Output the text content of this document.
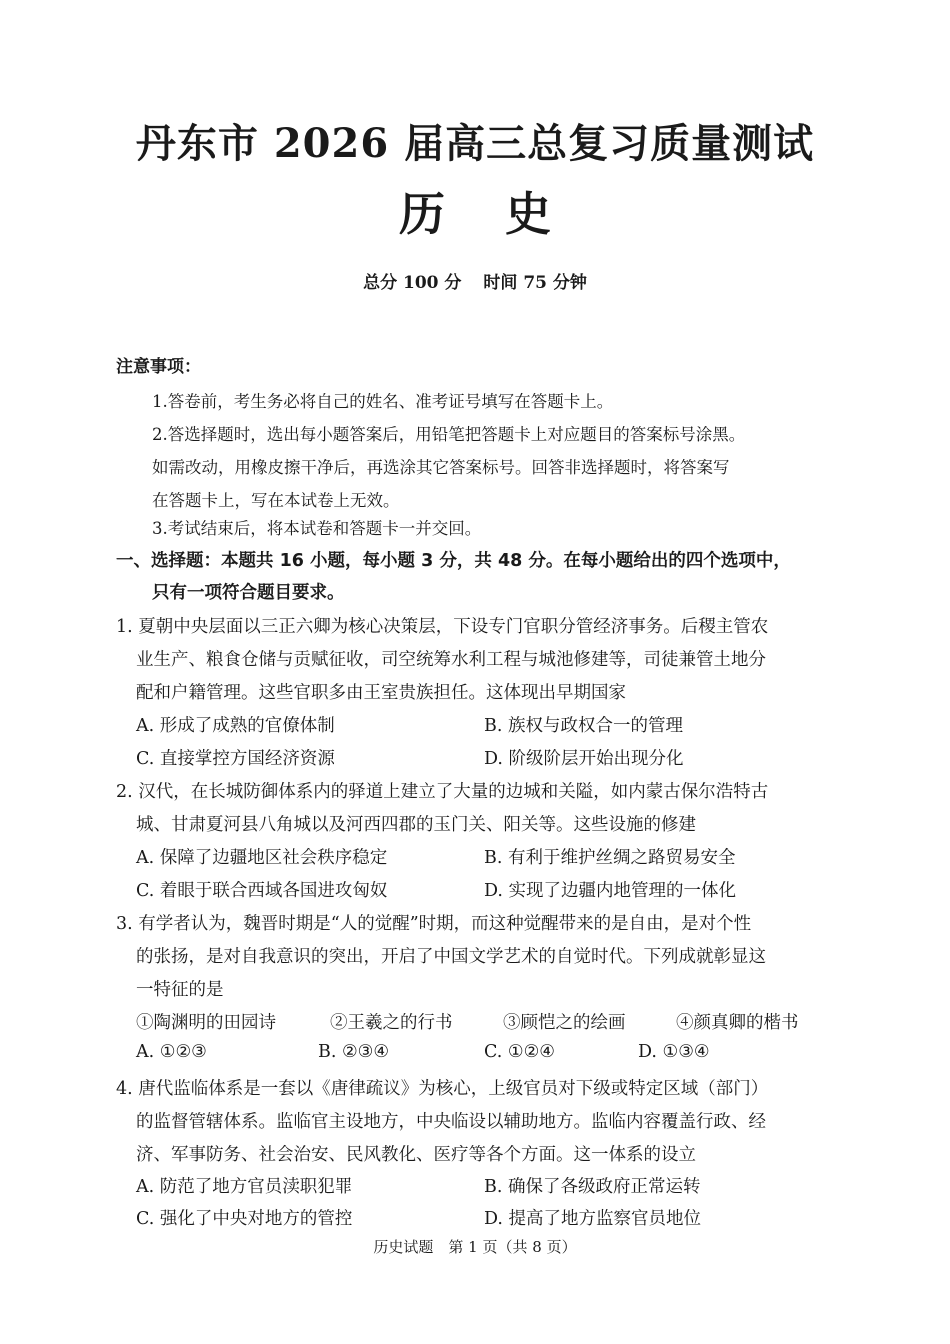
丹东市 2026 届高三总复习质量测试
历史
总分 100 分 时间 75 分钟
注意事项：
1.答卷前，考生务必将自己的姓名、准考证号填写在答题卡上。
2.答选择题时，选出每小题答案后，用铅笔把答题卡上对应题目的答案标号涂黑。
如需改动，用橡皮擦干净后，再选涂其它答案标号。回答非选择题时，将答案写
在答题卡上，写在本试卷上无效。
3.考试结束后，将本试卷和答题卡一并交回。
一、选择题：本题共 16 小题，每小题 3 分，共 48 分。在每小题给出的四个选项中，
只有一项符合题目要求。
1. 夏朝中央层面以三正六卿为核心决策层，下设专门官职分管经济事务。后稷主管农
业生产、粮食仓储与贡赋征收，司空统筹水利工程与城池修建等，司徒兼管土地分
配和户籍管理。这些官职多由王室贵族担任。这体现出早期国家
A. 形成了成熟的官僚体制	B. 族权与政权合一的管理
C. 直接掌控方国经济资源	D. 阶级阶层开始出现分化
2. 汉代，在长城防御体系内的驿道上建立了大量的边城和关隘，如内蒙古保尔浩特古
城、甘肃夏河县八角城以及河西四郡的玉门关、阳关等。这些设施的修建
A. 保障了边疆地区社会秩序稳定	B. 有利于维护丝绸之路贸易安全
C. 着眼于联合西域各国进攻匈奴	D. 实现了边疆内地管理的一体化
3. 有学者认为，魏晋时期是“人的觉醒”时期，而这种觉醒带来的是自由，是对个性
的张扬，是对自我意识的突出，开启了中国文学艺术的自觉时代。下列成就彰显这
一特征的是
①陶渊明的田园诗	②王羲之的行书	③顾恺之的绘画	④颜真卿的楷书
A. ①②③	B. ②③④	C. ①②④	D. ①③④
4. 唐代监临体系是一套以《唐律疏议》为核心，上级官员对下级或特定区域（部门）
的监督管辖体系。监临官主设地方，中央临设以辅助地方。监临内容覆盖行政、经
济、军事防务、社会治安、民风教化、医疗等各个方面。这一体系的设立
A. 防范了地方官员渎职犯罪	B. 确保了各级政府正常运转
C. 强化了中央对地方的管控	D. 提高了地方监察官员地位
历史试题　第 1 页（共 8 页）
